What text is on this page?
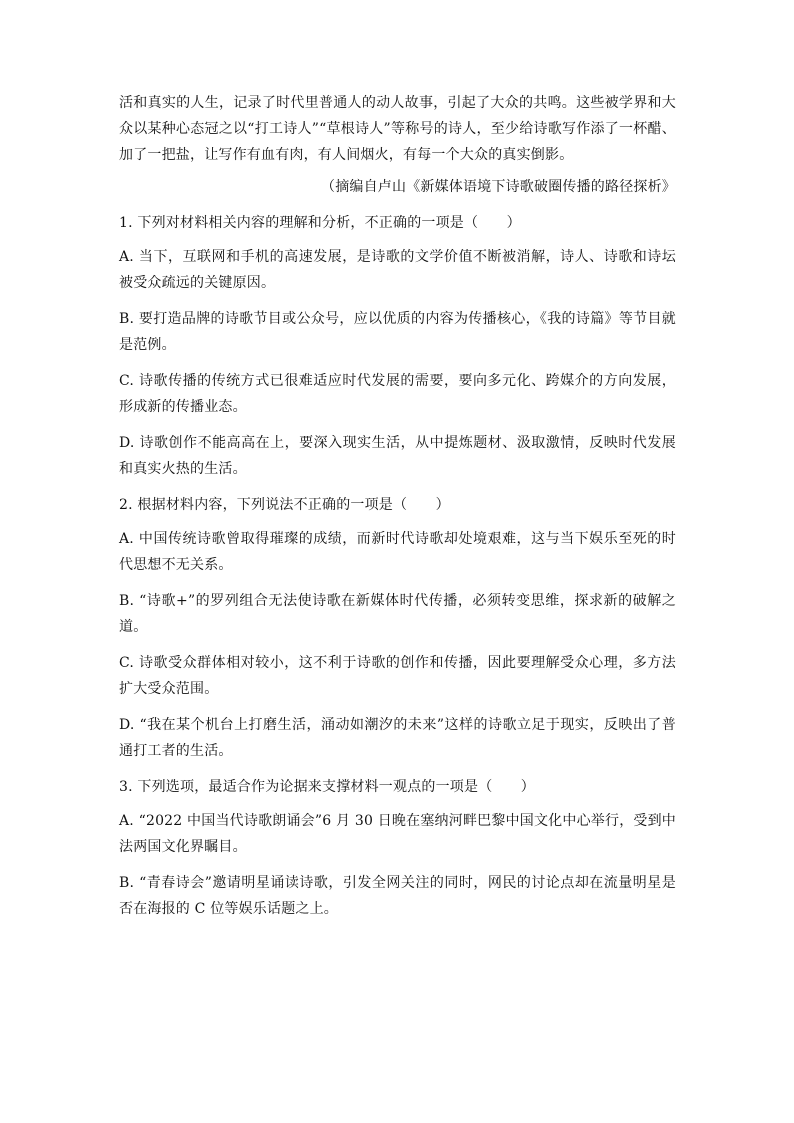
活和真实的人生，记录了时代里普通人的动人故事，引起了大众的共鸣。这些被学界和大众以某种心态冠之以“打工诗人”“草根诗人”等称号的诗人，至少给诗歌写作添了一杯醋、加了一把盐，让写作有血有肉，有人间烟火，有每一个大众的真实倒影。

（摘编自卢山《新媒体语境下诗歌破圈传播的路径探析》

1. 下列对材料相关内容的理解和分析，不正确的一项是（　　）

A. 当下，互联网和手机的高速发展，是诗歌的文学价值不断被消解，诗人、诗歌和诗坛被受众疏远的关键原因。

B. 要打造品牌的诗歌节目或公众号，应以优质的内容为传播核心，《我的诗篇》等节目就是范例。

C. 诗歌传播的传统方式已很难适应时代发展的需要，要向多元化、跨媒介的方向发展，形成新的传播业态。

D. 诗歌创作不能高高在上，要深入现实生活，从中提炼题材、汲取激情，反映时代发展和真实火热的生活。

2. 根据材料内容，下列说法不正确的一项是（　　）

A. 中国传统诗歌曾取得璀璨的成绩，而新时代诗歌却处境艰难，这与当下娱乐至死的时代思想不无关系。

B. “诗歌+”的罗列组合无法使诗歌在新媒体时代传播，必须转变思维，探求新的破解之道。

C. 诗歌受众群体相对较小，这不利于诗歌的创作和传播，因此要理解受众心理，多方法扩大受众范围。

D. “我在某个机台上打磨生活，涌动如潮汐的未来”这样的诗歌立足于现实，反映出了普通打工者的生活。

3. 下列选项，最适合作为论据来支撑材料一观点的一项是（　　）

A. “2022 中国当代诗歌朗诵会”6 月 30 日晚在塞纳河畔巴黎中国文化中心举行，受到中法两国文化界瞩目。

B. “青春诗会”邀请明星诵读诗歌，引发全网关注的同时，网民的讨论点却在流量明星是否在海报的 C 位等娱乐话题之上。
